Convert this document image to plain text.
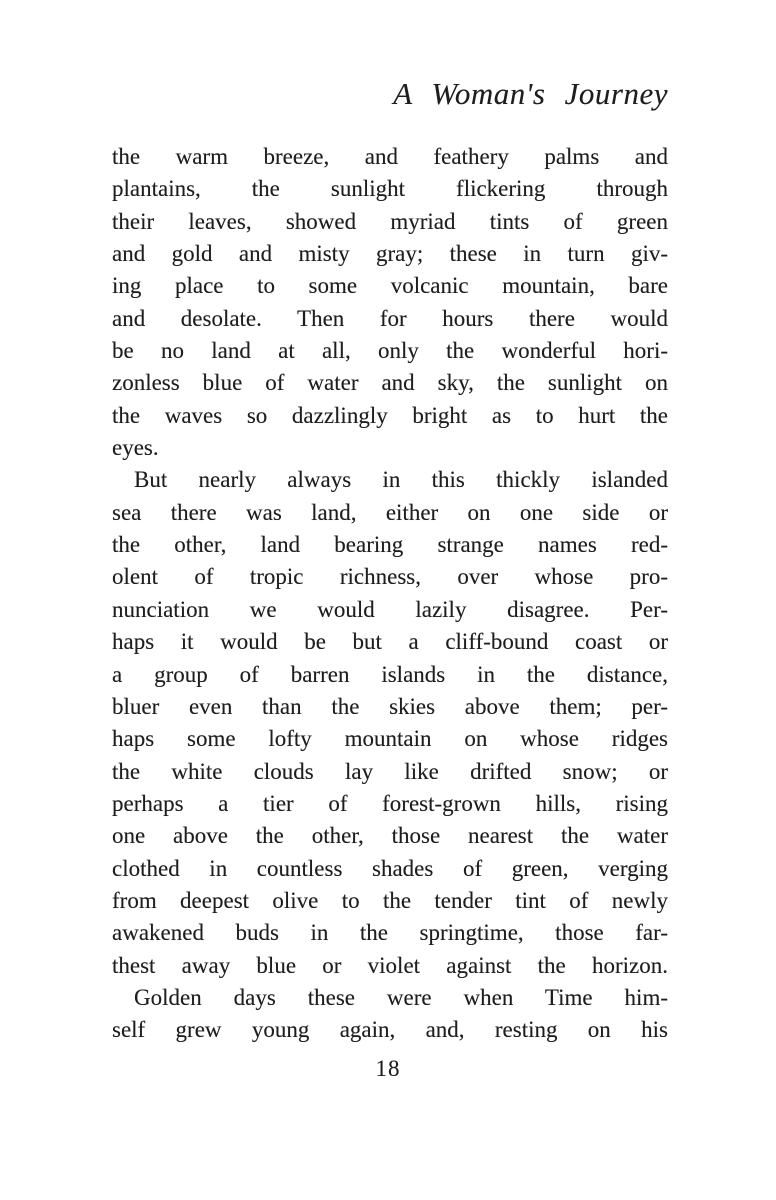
A Woman's Journey
the warm breeze, and feathery palms and
plantains, the sunlight flickering through
their leaves, showed myriad tints of green
and gold and misty gray; these in turn giv-
ing place to some volcanic mountain, bare
and desolate. Then for hours there would
be no land at all, only the wonderful hori-
zonless blue of water and sky, the sunlight on
the waves so dazzlingly bright as to hurt the
eyes.
But nearly always in this thickly islanded
sea there was land, either on one side or
the other, land bearing strange names red-
olent of tropic richness, over whose pro-
nunciation we would lazily disagree. Per-
haps it would be but a cliff-bound coast or
a group of barren islands in the distance,
bluer even than the skies above them; per-
haps some lofty mountain on whose ridges
the white clouds lay like drifted snow; or
perhaps a tier of forest-grown hills, rising
one above the other, those nearest the water
clothed in countless shades of green, verging
from deepest olive to the tender tint of newly
awakened buds in the springtime, those far-
thest away blue or violet against the horizon.
Golden days these were when Time him-
self grew young again, and, resting on his
18
